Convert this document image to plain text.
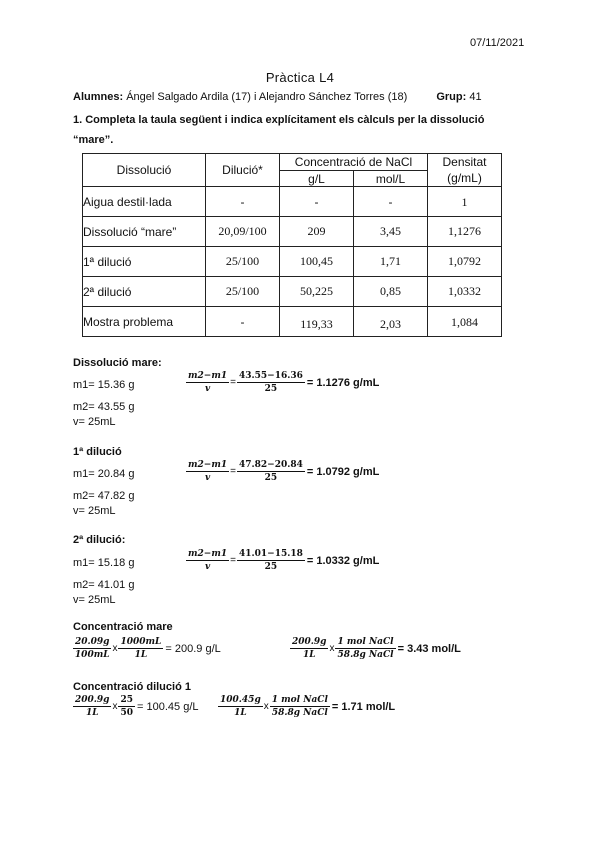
07/11/2021
Pràctica L4
Alumnes: Ángel Salgado Ardila (17) i Alejandro Sánchez Torres (18)	Grup: 41
1. Completa la taula següent i indica explícitament els càlculs per la dissolució “mare”.
Dissolució	Dilució*	Concentració de NaCl		Densitat
(g/mL)
		g/L	mol/L	
Aigua destil·lada	-	-	-	1
Dissolució “mare”	20,09/100	209	3,45	1,1276
1ª dilució	25/100	100,45	1,71	1,0792
2ª dilució	25/100	50,225	0,85	1,0332
Mostra problema	-	119,33	2,03	1,084
Dissolució mare:
m1= 15.36 g
m2= 43.55 g
v= 25mL
$\frac{m2-m1}{v} = \frac{43.55-16.36}{25} = 1.1276$ g/mL
1ª dilució
m1= 20.84 g
m2= 47.82 g
v= 25mL
$\frac{m2-m1}{v} = \frac{47.82-20.84}{25} = 1.0792$ g/mL
2ª dilució:
m1= 15.18 g
m2= 41.01 g
v= 25mL
$\frac{m2-m1}{v} = \frac{41.01-15.18}{25} = 1.0332$ g/mL
Concentració mare
$\frac{20.09g}{100mL}$ x $\frac{1000mL}{1L} = 200.9$ g/L	$\frac{200.9g}{1L}$ x $\frac{\text{1 mol NaCl}}{\text{58.8g NaCl}} = 3.43$ mol/L
Concentració dilució 1
$\frac{200.9g}{1L}$ x $\frac{25}{50} = 100.45$ $g/L \frac{100.45g}{1L}$ x $\frac{\text{1 mol NaCl}}{\text{58.8g NaCl}} = 1.71$ mol/L
